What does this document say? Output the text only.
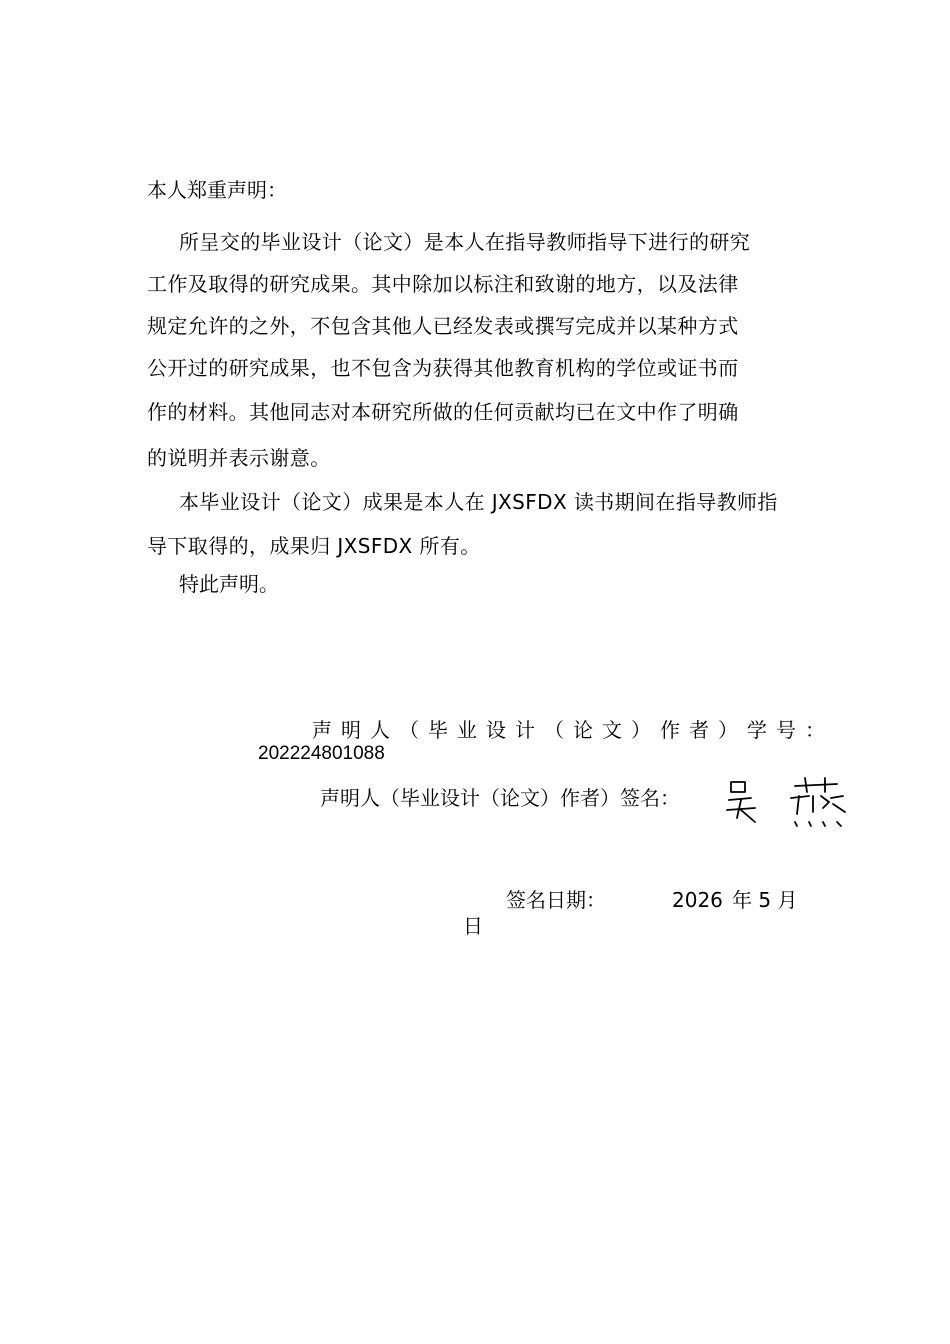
本人郑重声明：
所呈交的毕业设计（论文）是本人在指导教师指导下进行的研究
工作及取得的研究成果。其中除加以标注和致谢的地方，以及法律
规定允许的之外，不包含其他人已经发表或撰写完成并以某种方式
公开过的研究成果，也不包含为获得其他教育机构的学位或证书而
作的材料。其他同志对本研究所做的任何贡献均已在文中作了明确
的说明并表示谢意。
本毕业设计（论文）成果是本人在 JXSFDX 读书期间在指导教师指
导下取得的，成果归 JXSFDX 所有。
特此声明。
声明人（毕业设计（论文）作者）学号：
202224801088
声明人（毕业设计（论文）作者）签名：
签名日期：	2026 年 5 月
日
